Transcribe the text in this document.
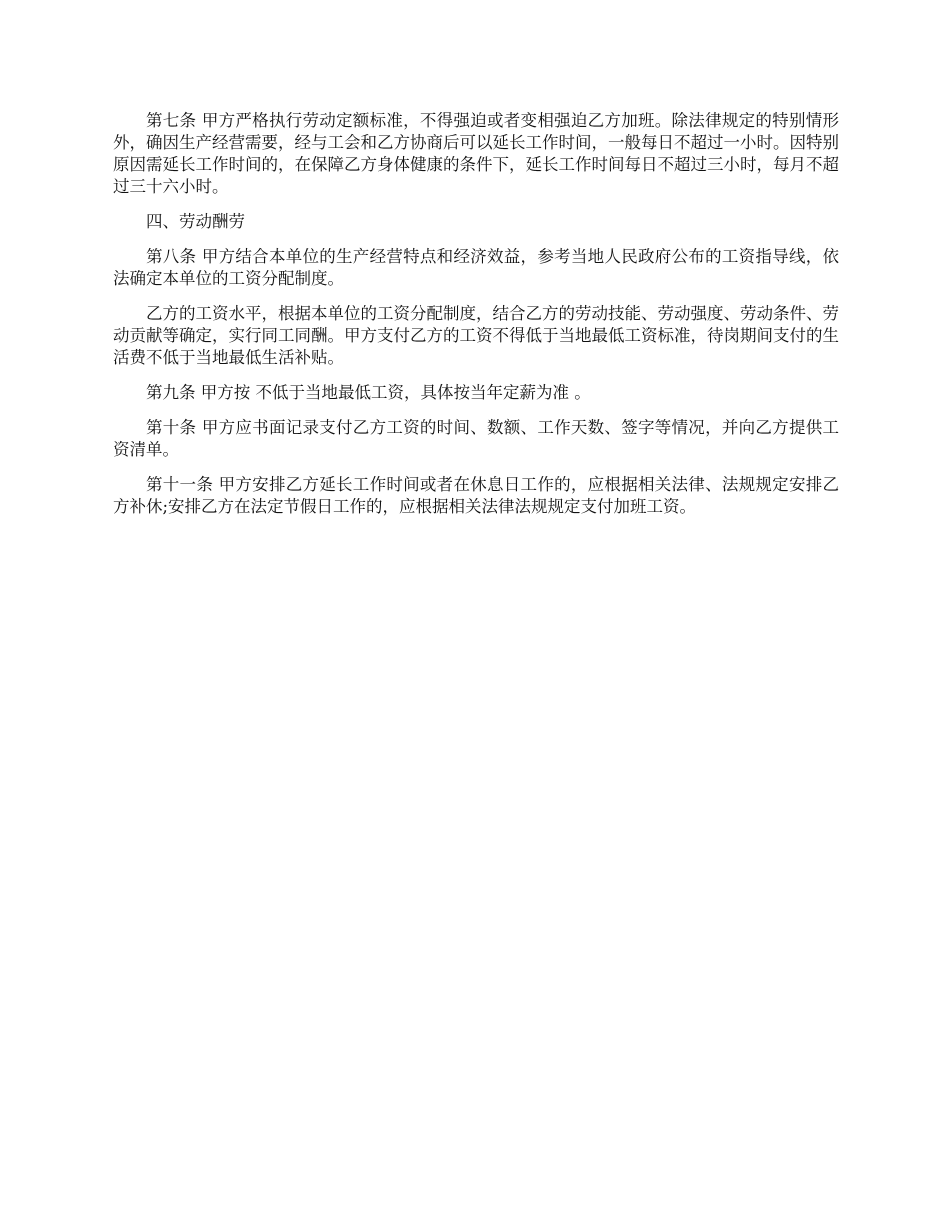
第七条 甲方严格执行劳动定额标准，不得强迫或者变相强迫乙方加班。除法律规定的特别情形外，确因生产经营需要，经与工会和乙方协商后可以延长工作时间，一般每日不超过一小时。因特别原因需延长工作时间的，在保障乙方身体健康的条件下，延长工作时间每日不超过三小时，每月不超过三十六小时。

四、劳动酬劳

第八条 甲方结合本单位的生产经营特点和经济效益，参考当地人民政府公布的工资指导线，依法确定本单位的工资分配制度。

乙方的工资水平，根据本单位的工资分配制度，结合乙方的劳动技能、劳动强度、劳动条件、劳动贡献等确定，实行同工同酬。甲方支付乙方的工资不得低于当地最低工资标准，待岗期间支付的生活费不低于当地最低生活补贴。

第九条 甲方按 不低于当地最低工资，具体按当年定薪为准 。

第十条 甲方应书面记录支付乙方工资的时间、数额、工作天数、签字等情况，并向乙方提供工资清单。

第十一条 甲方安排乙方延长工作时间或者在休息日工作的，应根据相关法律、法规规定安排乙方补休;安排乙方在法定节假日工作的，应根据相关法律法规规定支付加班工资。
